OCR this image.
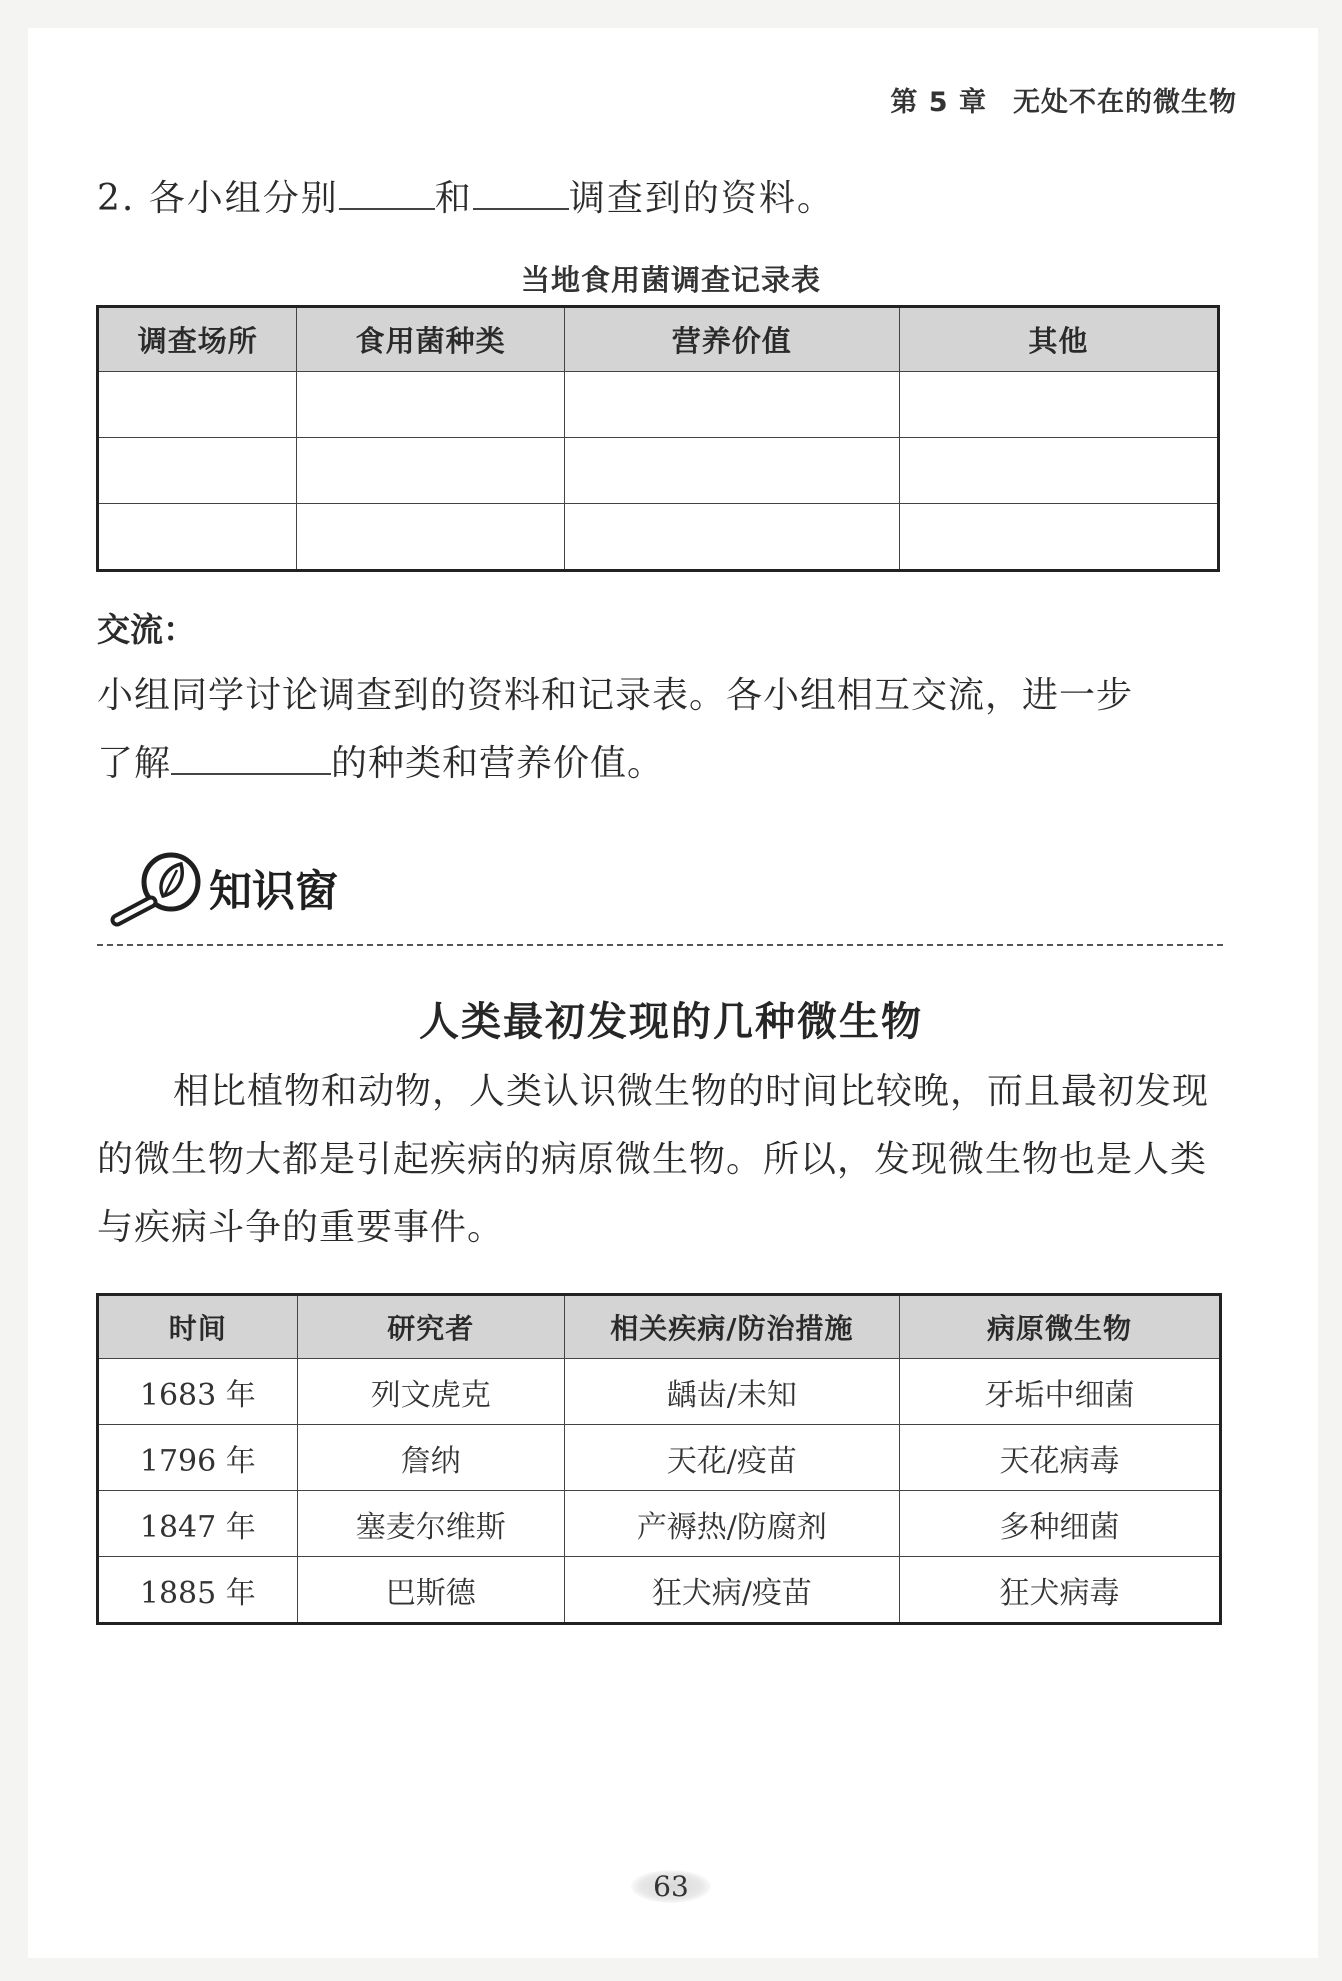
第 5 章 无处不在的微生物
2. 各小组分别	和	调查到的资料。
当地食用菌调查记录表
调查场所	食用菌种类	营养价值	其他

交流：
小组同学讨论调查到的资料和记录表。各小组相互交流，进一步
了解	的种类和营养价值。
知识窗
人类最初发现的几种微生物
相比植物和动物，人类认识微生物的时间比较晚，而且最初发现的微生物大都是引起疾病的病原微生物。所以，发现微生物也是人类与疾病斗争的重要事件。
时间	研究者	相关疾病/防治措施	病原微生物
1683 年	列文虎克	龋齿/未知	牙垢中细菌
1796 年	詹纳	天花/疫苗	天花病毒
1847 年	塞麦尔维斯	产褥热/防腐剂	多种细菌
1885 年	巴斯德	狂犬病/疫苗	狂犬病毒
63
